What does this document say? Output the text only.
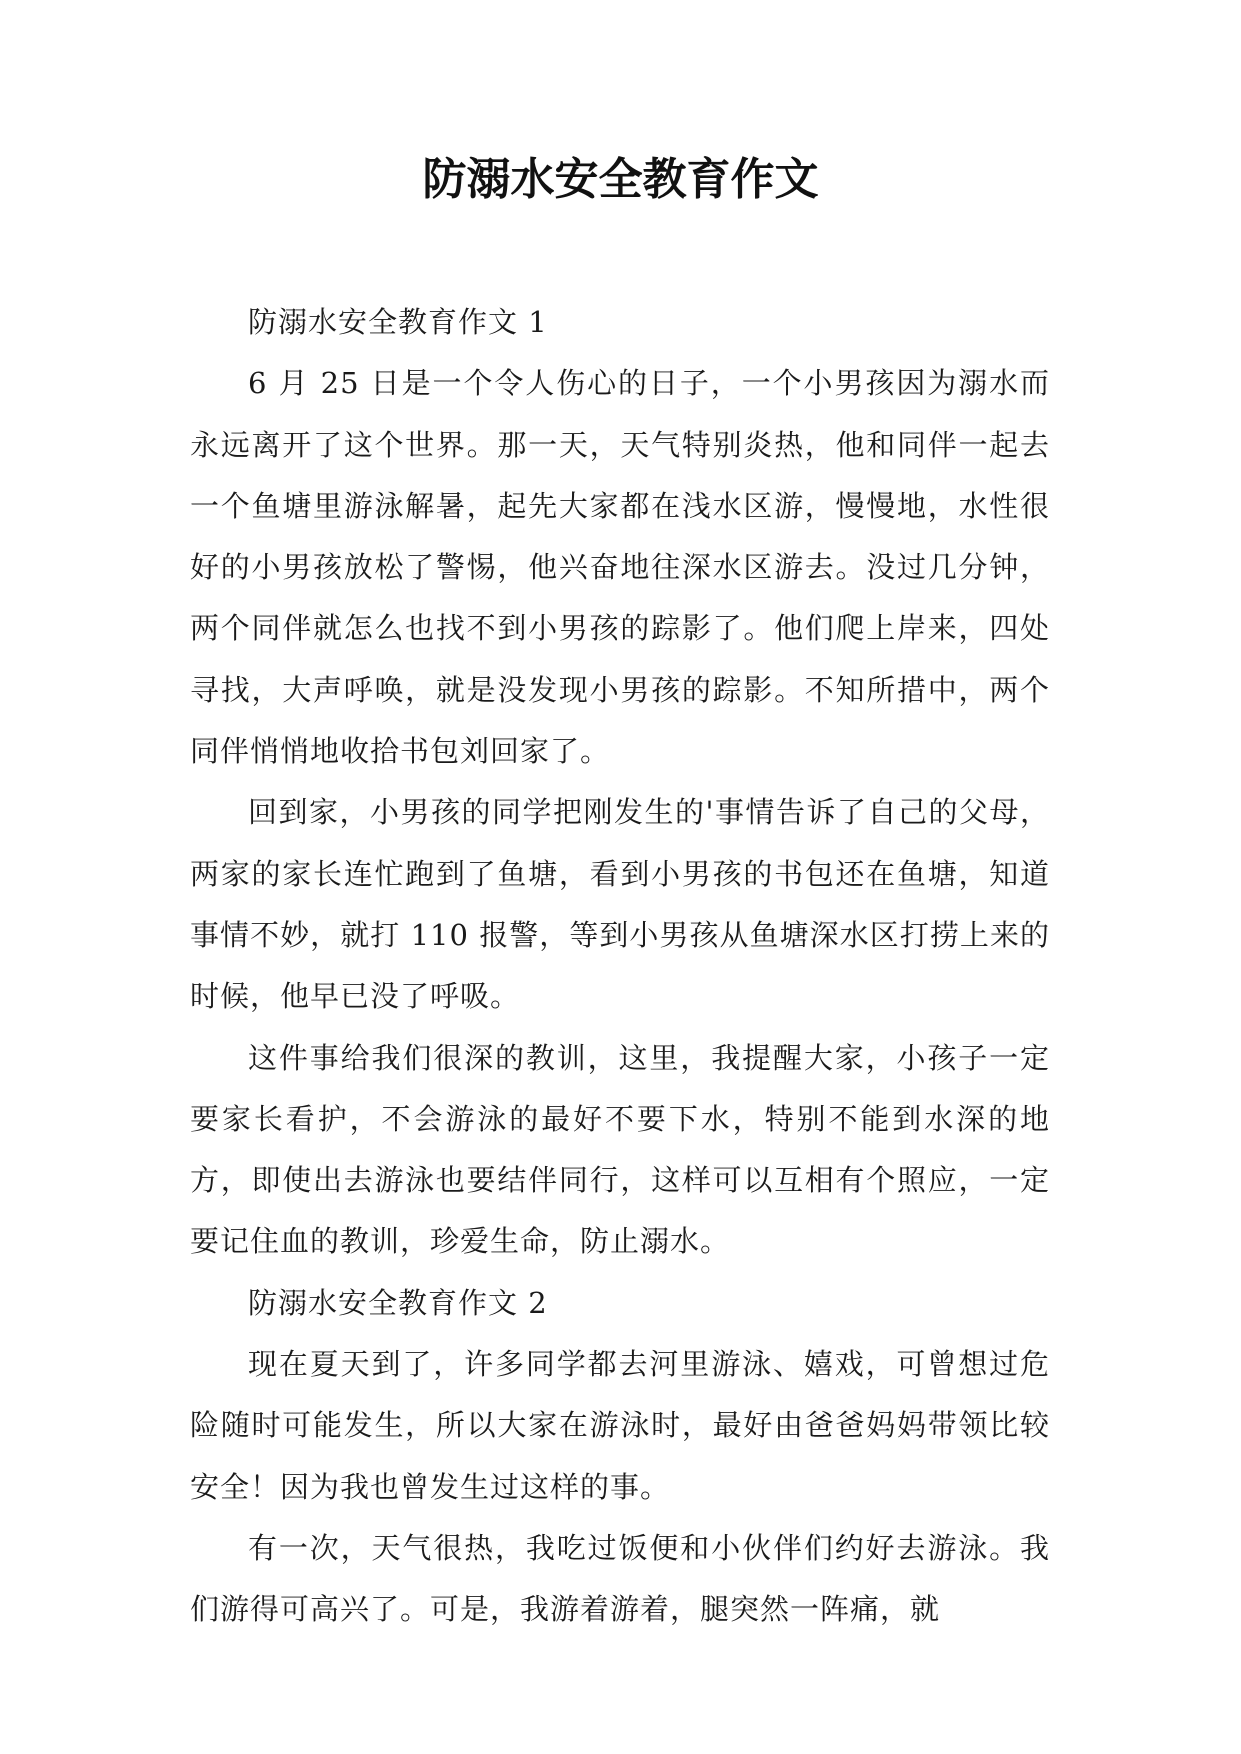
防溺水安全教育作文

防溺水安全教育作文 1

6 月 25 日是一个令人伤心的日子，一个小男孩因为溺水而永远离开了这个世界。那一天，天气特别炎热，他和同伴一起去一个鱼塘里游泳解暑，起先大家都在浅水区游，慢慢地，水性很好的小男孩放松了警惕，他兴奋地往深水区游去。没过几分钟，两个同伴就怎么也找不到小男孩的踪影了。他们爬上岸来，四处寻找，大声呼唤，就是没发现小男孩的踪影。不知所措中，两个同伴悄悄地收拾书包刘回家了。

回到家，小男孩的同学把刚发生的'事情告诉了自己的父母，两家的家长连忙跑到了鱼塘，看到小男孩的书包还在鱼塘，知道事情不妙，就打 110 报警，等到小男孩从鱼塘深水区打捞上来的时候，他早已没了呼吸。

这件事给我们很深的教训，这里，我提醒大家，小孩子一定要家长看护，不会游泳的最好不要下水，特别不能到水深的地方，即使出去游泳也要结伴同行，这样可以互相有个照应，一定要记住血的教训，珍爱生命，防止溺水。

防溺水安全教育作文 2

现在夏天到了，许多同学都去河里游泳、嬉戏，可曾想过危险随时可能发生，所以大家在游泳时，最好由爸爸妈妈带领比较安全！因为我也曾发生过这样的事。

有一次，天气很热，我吃过饭便和小伙伴们约好去游泳。我们游得可高兴了。可是，我游着游着，腿突然一阵痛，就
